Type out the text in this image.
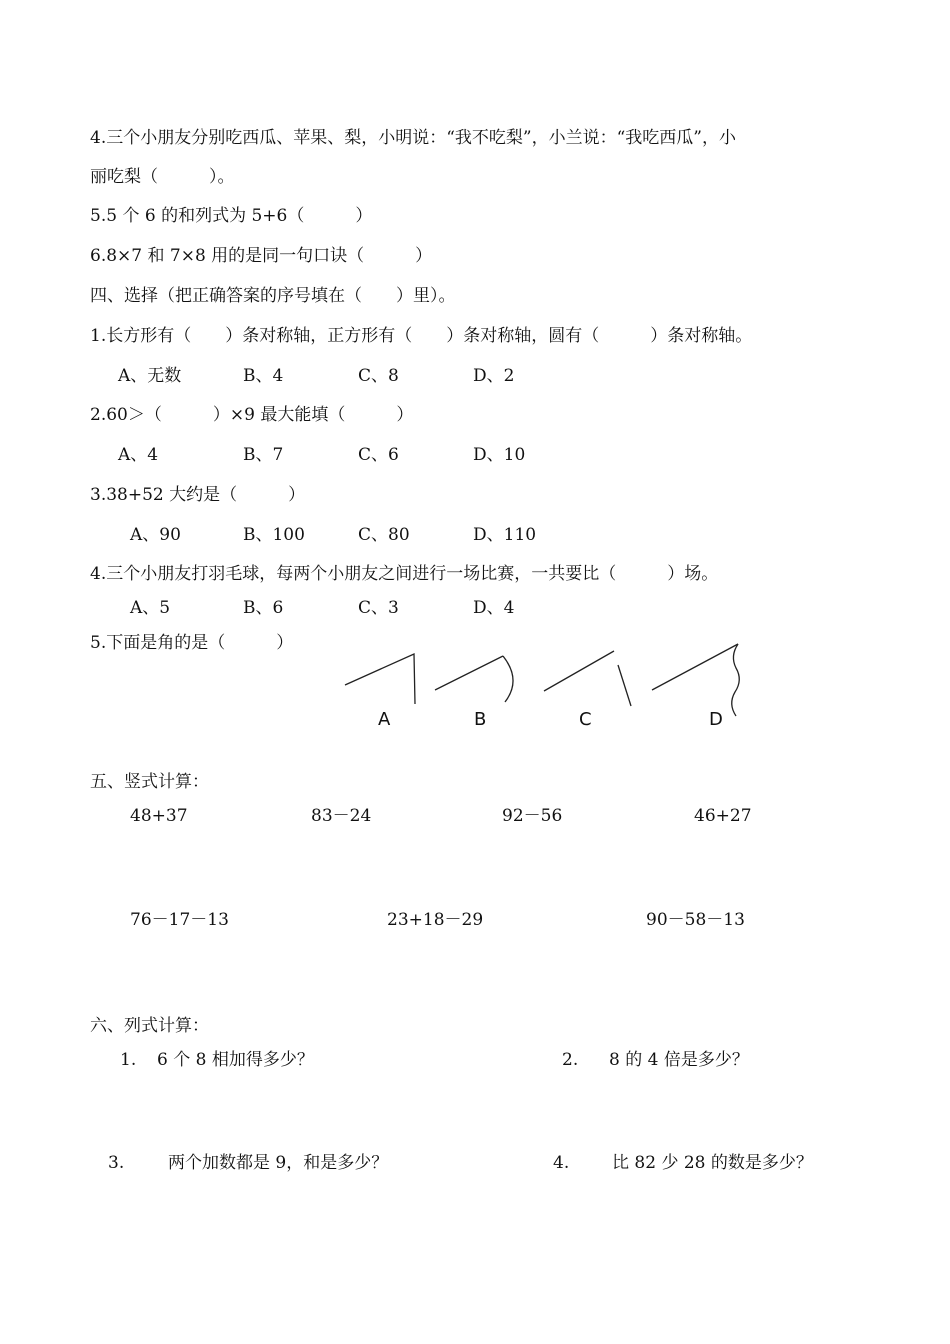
4.三个小朋友分别吃西瓜、苹果、梨，小明说：“我不吃梨”，小兰说：“我吃西瓜”，小
丽吃梨（　　　）。
5.5 个 6 的和列式为 5+6（　　　）
6.8×7 和 7×8 用的是同一句口诀（　　　）
四、选择（把正确答案的序号填在（　　）里）。
1.长方形有（　　）条对称轴，正方形有（　　）条对称轴，圆有（　　　）条对称轴。
A、无数	B、4	C、8	D、2
2.60＞（　　　）×9 最大能填（　　　）
A、4	B、7	C、6	D、10
3.38+52 大约是（　　　）
A、90	B、100	C、80	D、110
4.三个小朋友打羽毛球，每两个小朋友之间进行一场比赛，一共要比（　　　）场。
A、5	B、6	C、3	D、4
5.下面是角的是（　　　）
A	B	C	D
五、竖式计算：
48+37	83－24	92－56	46+27
76－17－13	23+18－29	90－58－13
六、列式计算：
1. 6 个 8 相加得多少？	2. 8 的 4 倍是多少？
3.	两个加数都是 9，和是多少？	4.	比 82 少 28 的数是多少？
